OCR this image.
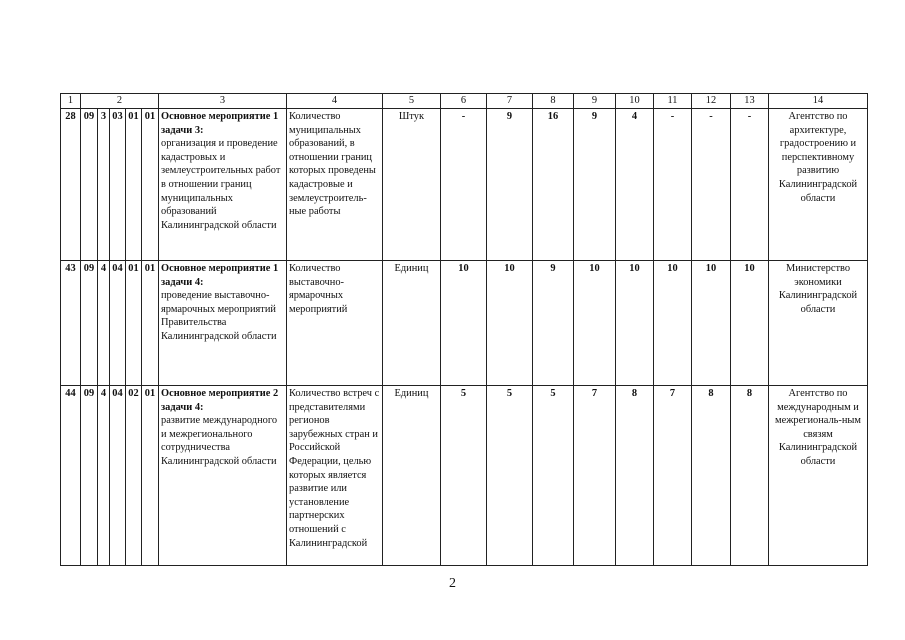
1	2					3	4	5	6	7	8	9	10	11	12	13	14
28	09	3	03	01	01	Основное мероприятие 1 задачи 3:
организация и проведение кадастровых и землеустроительных работ в отношении границ муниципальных образований Калининградской области	Количество муниципальных образований, в отношении границ которых проведены кадастровые и землеустроитель-ные работы	Штук	-	9	16	9	4	-	-	-	Агентство по архитектуре, градостроению и перспективному развитию Калининградской области
43	09	4	04	01	01	Основное мероприятие 1 задачи 4:
проведение выставочно-ярмарочных мероприятий Правительства Калининградской области	Количество выставочно-ярмарочных мероприятий	Единиц	10	10	9	10	10	10	10	10	Министерство экономики Калининградской области
44	09	4	04	02	01	Основное мероприятие 2 задачи 4:
развитие международного и межрегионального сотрудничества Калининградской области	Количество встреч с представителями регионов зарубежных стран и Российской Федерации, целью которых является развитие или установление партнерских отношений с Калининградской	Единиц	5	5	5	7	8	7	8	8	Агентство по международным и межрегиональ-ным связям Калининградской области
2
